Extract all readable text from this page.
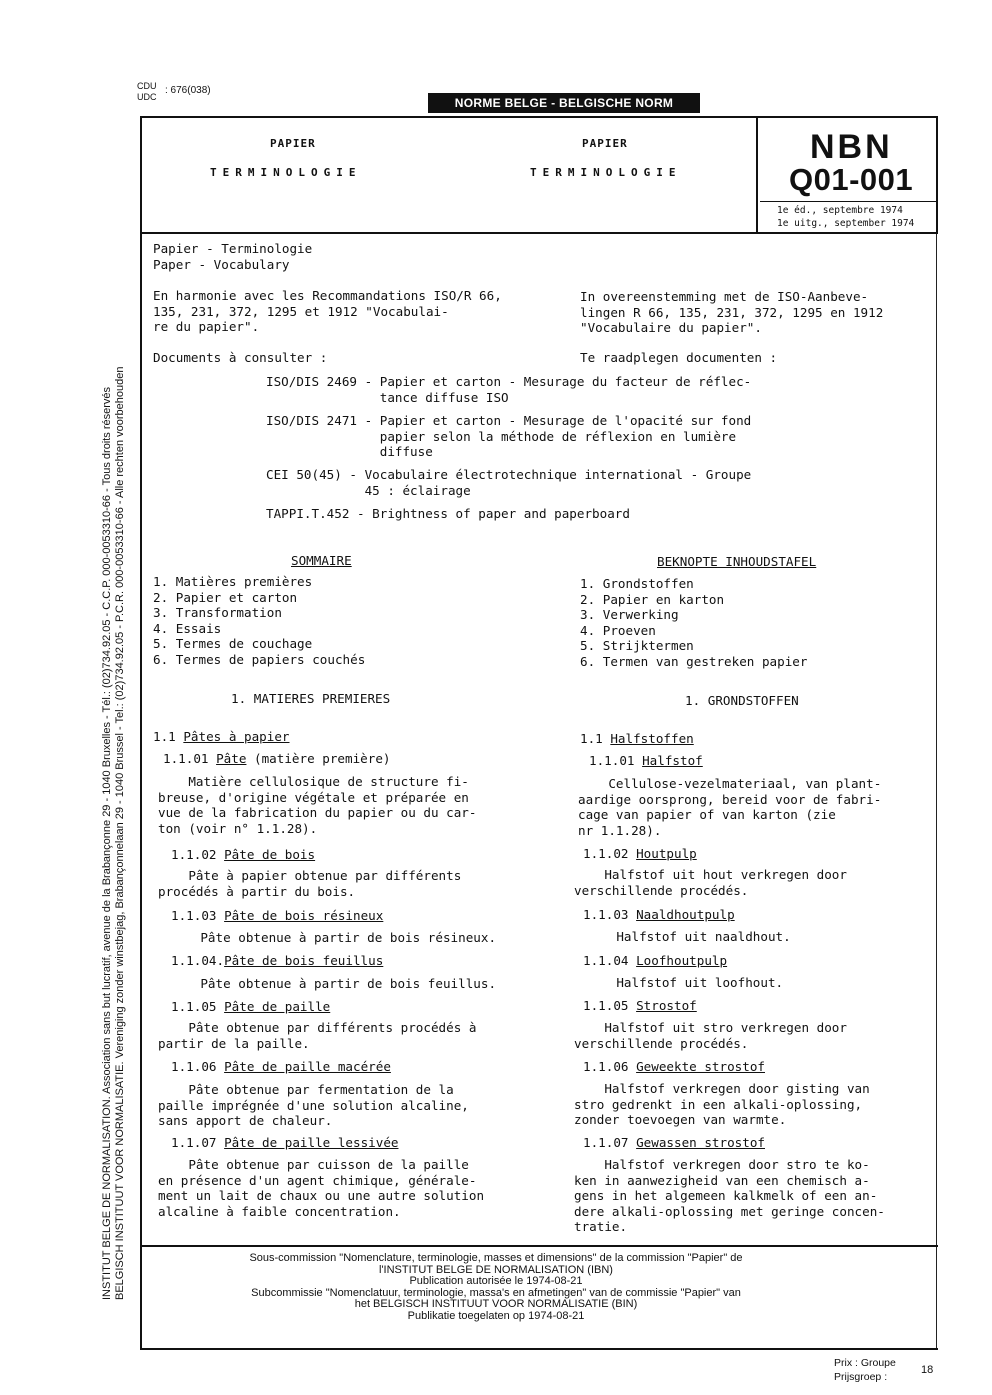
CDU
UDC
: 676(038)
NORME BELGE - BELGISCHE NORM
PAPIER
TERMINOLOGIE
PAPIER
TERMINOLOGIE
NBN
Q01-001
1e éd., septembre 1974
1e uitg., september 1974
INSTITUT BELGE DE NORMALISATION. Association sans but lucratif, avenue de la Brabançonne 29 - 1040 Bruxelles - Tél.: (02)734.92.05 - C.C.P. 000-0053310-66 - Tous droits réservés BELGISCH INSTITUUT VOOR NORMALISATIE. Vereniging zonder winstbejag, Brabançonnelaan 29 - 1040 Brussel - Tel.: (02)734.92.05 - P.C.R. 000-0053310-66 - Alle rechten voorbehouden
Papier - Terminologie
Paper - Vocabulary
En harmonie avec les Recommandations ISO/R 66,
135, 231, 372, 1295 et 1912 "Vocabulai-
re du papier".
In overeenstemming met de ISO-Aanbeve-
lingen R 66, 135, 231, 372, 1295 en 1912
"Vocabulaire du papier".
Documents à consulter :	Te raadplegen documenten :
ISO/DIS 2469 - Papier et carton - Mesurage du facteur de réflec-
tance diffuse ISO
ISO/DIS 2471 - Papier et carton - Mesurage de l'opacité sur fond
papier selon la méthode de réflexion en lumière
diffuse
CEI 50(45) - Vocabulaire électrotechnique international - Groupe
45 : éclairage
TAPPI.T.452 - Brightness of paper and paperboard
SOMMAIRE	BEKNOPTE INHOUDSTAFEL
1. Matières premières
2. Papier et carton
3. Transformation
4. Essais
5. Termes de couchage
6. Termes de papiers couchés
1. Grondstoffen
2. Papier en karton
3. Verwerking
4. Proeven
5. Strijktermen
6. Termen van gestreken papier
1. MATIERES PREMIERES	1. GRONDSTOFFEN
1.1 Pâtes à papier	1.1 Halfstoffen
1.1.01 Pâte (matière première)
Matière cellulosique de structure fi-
breuse, d'origine végétale et préparée en
vue de la fabrication du papier ou du car-
ton (voir n° 1.1.28).
1.1.02 Pâte de bois
Pâte à papier obtenue par différents
procédés à partir du bois.
1.1.03 Pâte de bois résineux
Pâte obtenue à partir de bois résineux.
1.1.04.Pâte de bois feuillus
Pâte obtenue à partir de bois feuillus.
1.1.05 Pâte de paille
Pâte obtenue par différents procédés à
partir de la paille.
1.1.06 Pâte de paille macérée
Pâte obtenue par fermentation de la
paille imprégnée d'une solution alcaline,
sans apport de chaleur.
1.1.07 Pâte de paille lessivée
Pâte obtenue par cuisson de la paille
en présence d'un agent chimique, générale-
ment un lait de chaux ou une autre solution
alcaline à faible concentration.
1.1.01 Halfstof
Cellulose-vezelmateriaal, van plant-
aardige oorsprong, bereid voor de fabri-
cage van papier of van karton (zie
nr 1.1.28).
1.1.02 Houtpulp
Halfstof uit hout verkregen door
verschillende procédés.
1.1.03 Naaldhoutpulp
Halfstof uit naaldhout.
1.1.04 Loofhoutpulp
Halfstof uit loofhout.
1.1.05 Strostof
Halfstof uit stro verkregen door
verschillende procédés.
1.1.06 Geweekte strostof
Halfstof verkregen door gisting van
stro gedrenkt in een alkali-oplossing,
zonder toevoegen van warmte.
1.1.07 Gewassen strostof
Halfstof verkregen door stro te ko-
ken in aanwezigheid van een chemisch a-
gens in het algemeen kalkmelk of een an-
dere alkali-oplossing met geringe concen-
tratie.
Sous-commission "Nomenclature, terminologie, masses et dimensions" de la commission "Papier" de
l'INSTITUT BELGE DE NORMALISATION (IBN)
Publication autorisée le 1974-08-21
Subcommissie "Nomenclatuur, terminologie, massa's en afmetingen" van de commissie "Papier" van
het BELGISCH INSTITUUT VOOR NORMALISATIE (BIN)
Publikatie toegelaten op 1974-08-21
Prix : Groupe
Prijsgroep :
18
